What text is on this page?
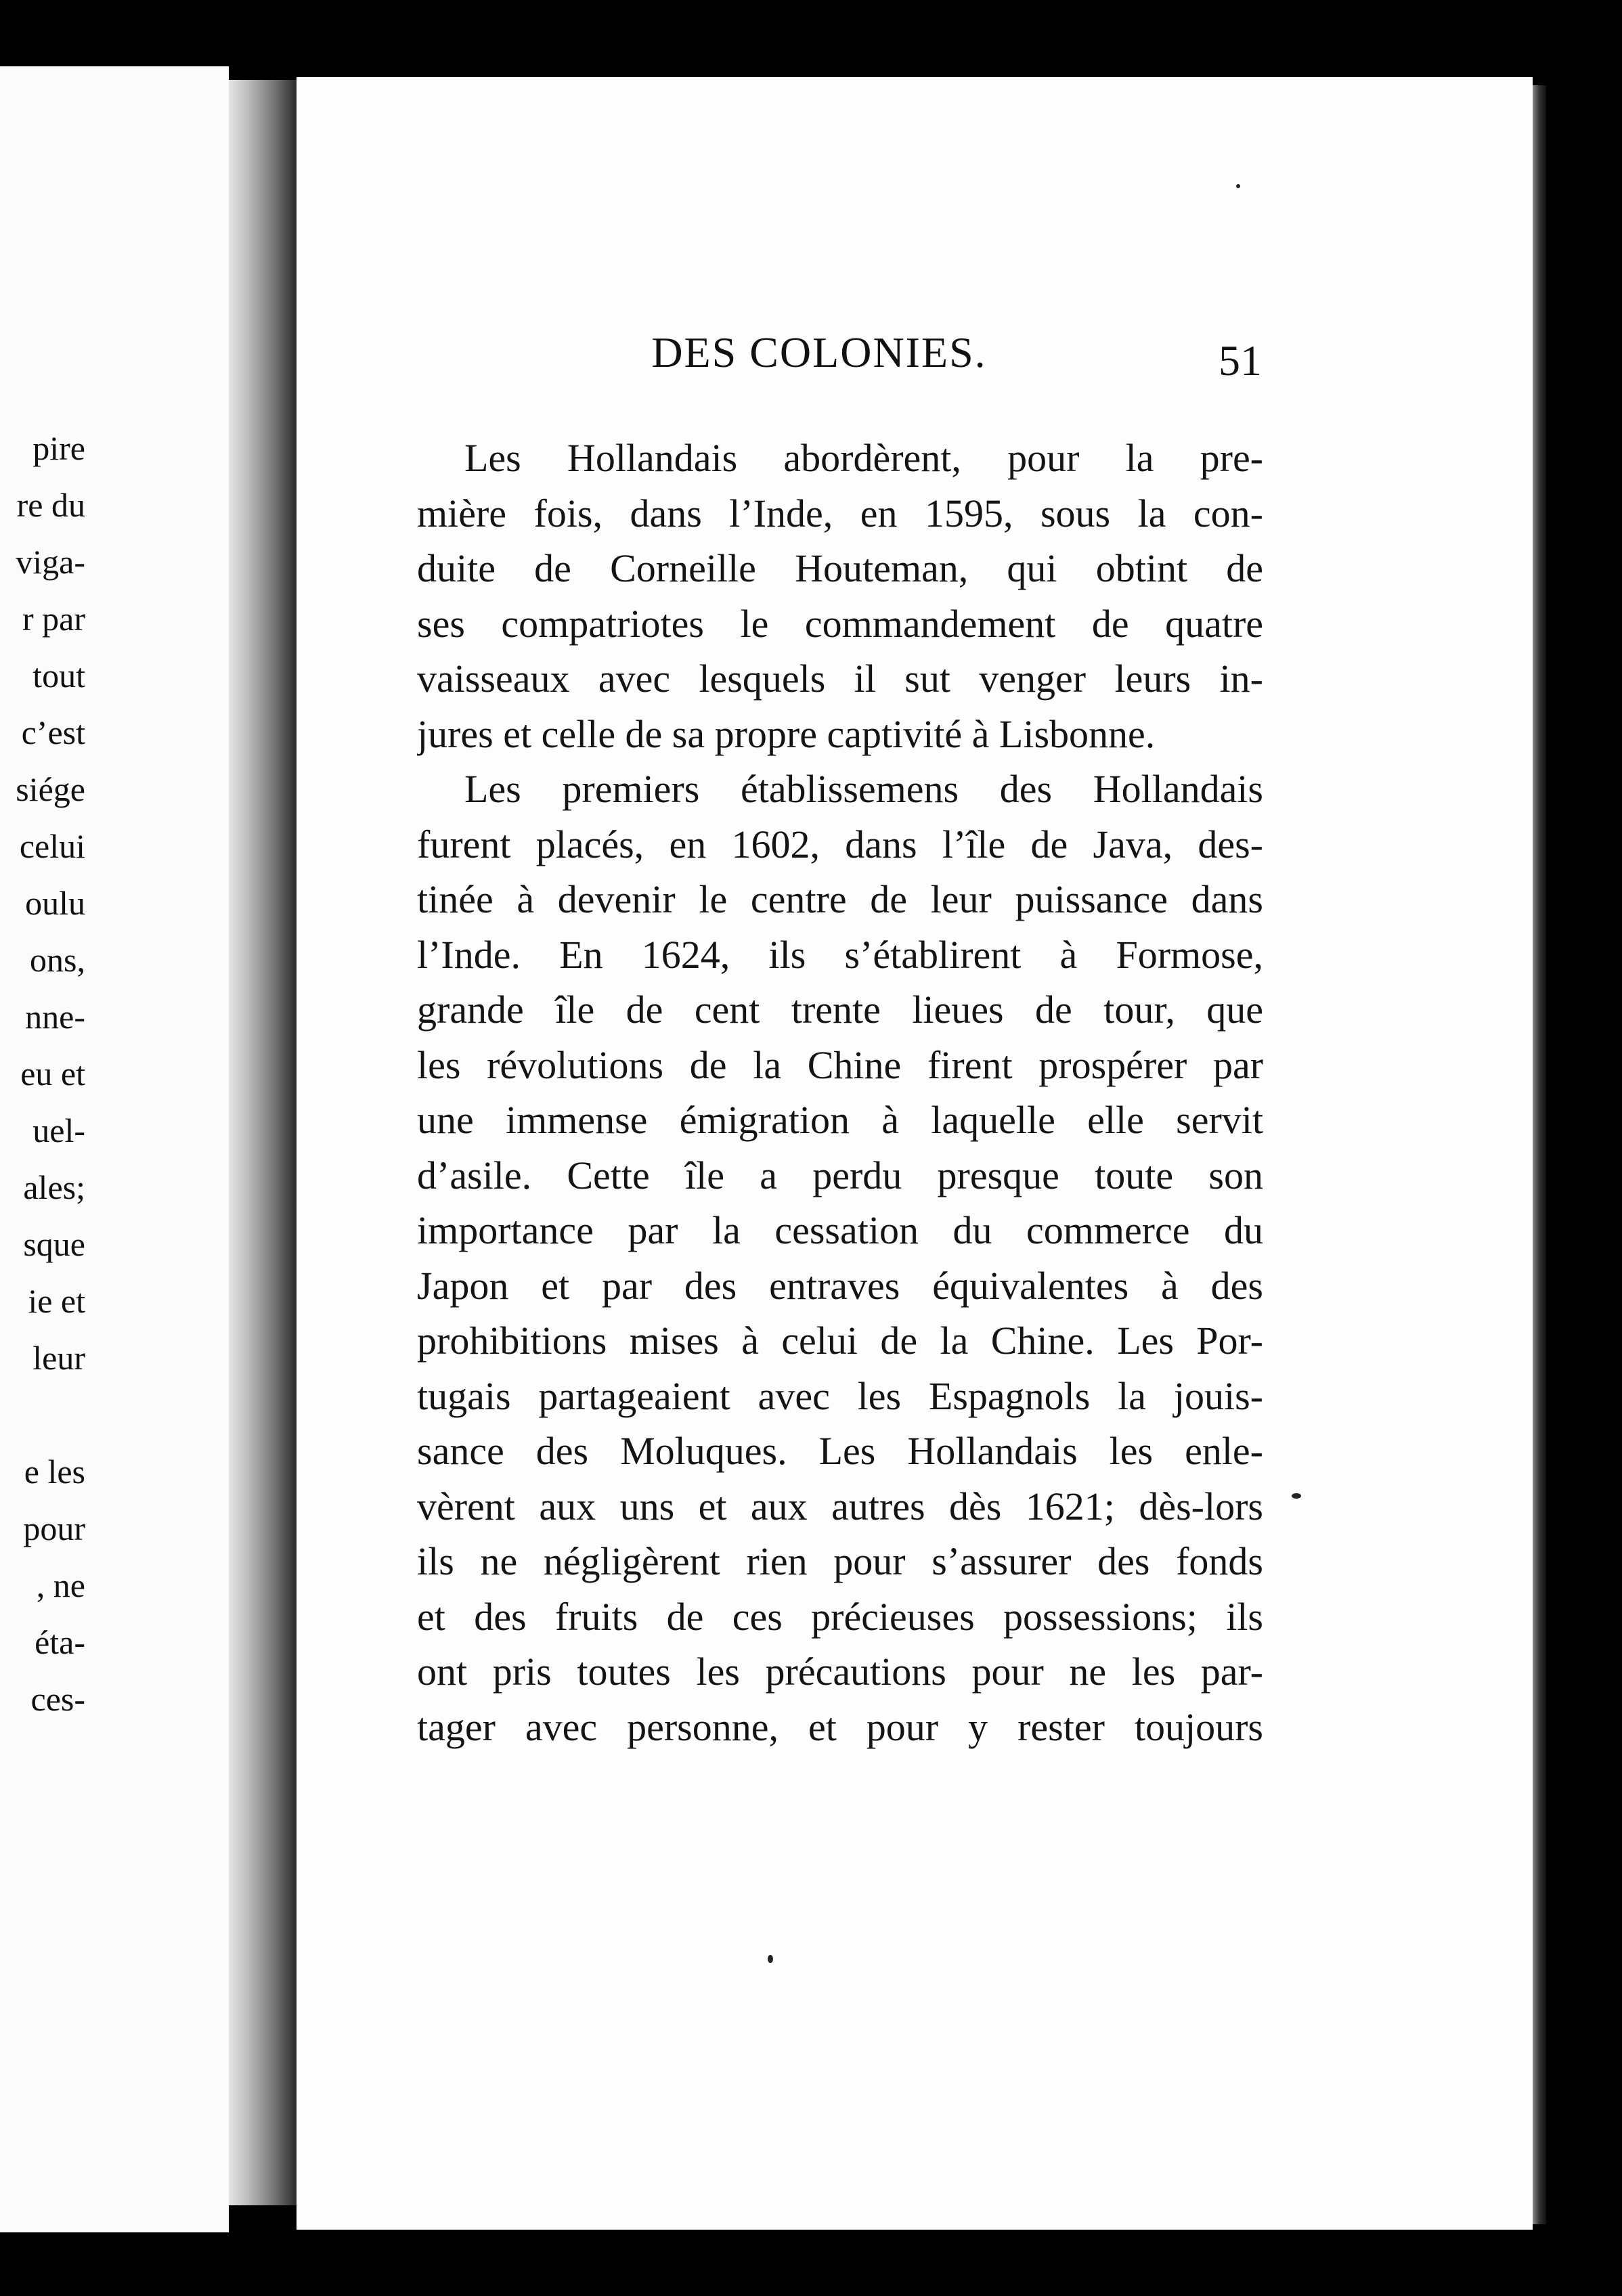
pire
re du
viga-
r par
tout
c’est
siége
celui
oulu
ons,
nne-
eu et
uel-
ales;
sque
ie et
leur
e les
pour
, ne
éta-
ces-
DES COLONIES.	51
Les Hollandais abordèrent, pour la pre-
mière fois, dans l’Inde, en 1595, sous la con-
duite de Corneille Houteman, qui obtint de
ses compatriotes le commandement de quatre
vaisseaux avec lesquels il sut venger leurs in-
jures et celle de sa propre captivité à Lisbonne.
Les premiers établissemens des Hollandais
furent placés, en 1602, dans l’île de Java, des-
tinée à devenir le centre de leur puissance dans
l’Inde. En 1624, ils s’établirent à Formose,
grande île de cent trente lieues de tour, que
les révolutions de la Chine firent prospérer par
une immense émigration à laquelle elle servit
d’asile. Cette île a perdu presque toute son
importance par la cessation du commerce du
Japon et par des entraves équivalentes à des
prohibitions mises à celui de la Chine. Les Por-
tugais partageaient avec les Espagnols la jouis-
sance des Moluques. Les Hollandais les enle-
vèrent aux uns et aux autres dès 1621; dès-lors
ils ne négligèrent rien pour s’assurer des fonds
et des fruits de ces précieuses possessions; ils
ont pris toutes les précautions pour ne les par-
tager avec personne, et pour y rester toujours
